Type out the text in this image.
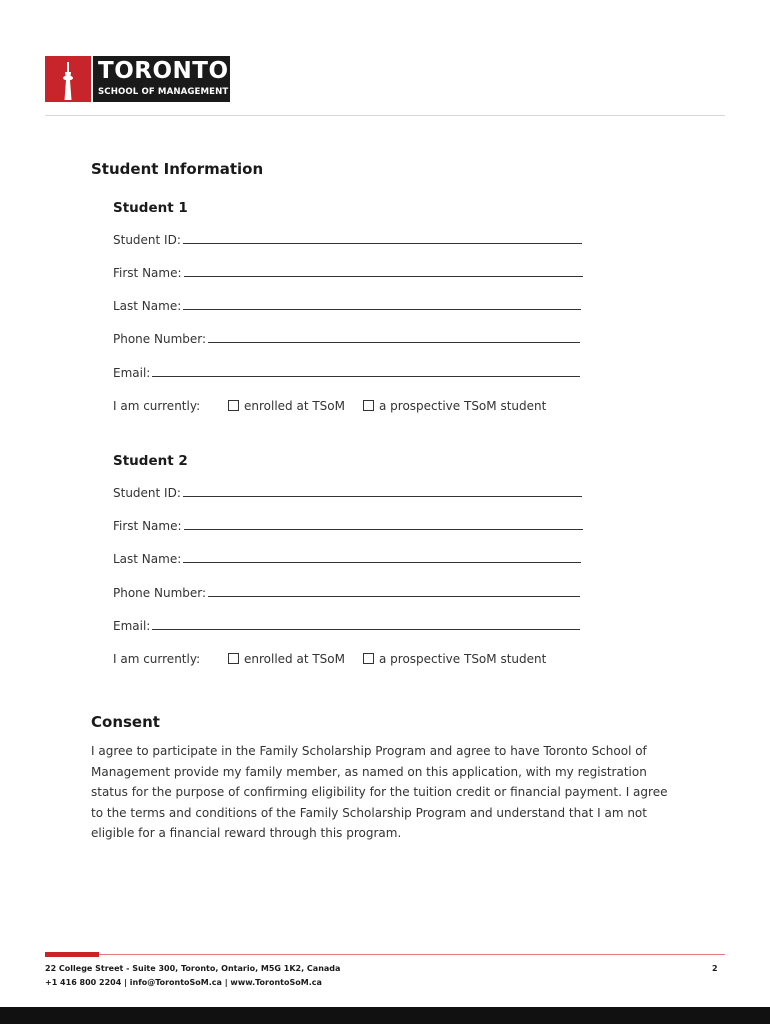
TORONTO
SCHOOL OF MANAGEMENT
Student Information
Student 1
Student ID:
First Name:
Last Name:
Phone Number:
Email:
I am currently:	enrolled at TSoM	a prospective TSoM student
Student 2
Student ID:
First Name:
Last Name:
Phone Number:
Email:
I am currently:	enrolled at TSoM	a prospective TSoM student
Consent
I agree to participate in the Family Scholarship Program and agree to have Toronto School of Management provide my family member, as named on this application, with my registration status for the purpose of confirming eligibility for the tuition credit or financial payment. I agree to the terms and conditions of the Family Scholarship Program and understand that I am not eligible for a financial reward through this program.
22 College Street - Suite 300, Toronto, Ontario, M5G 1K2, Canada
+1 416 800 2204 | info@TorontoSoM.ca | www.TorontoSoM.ca
2
